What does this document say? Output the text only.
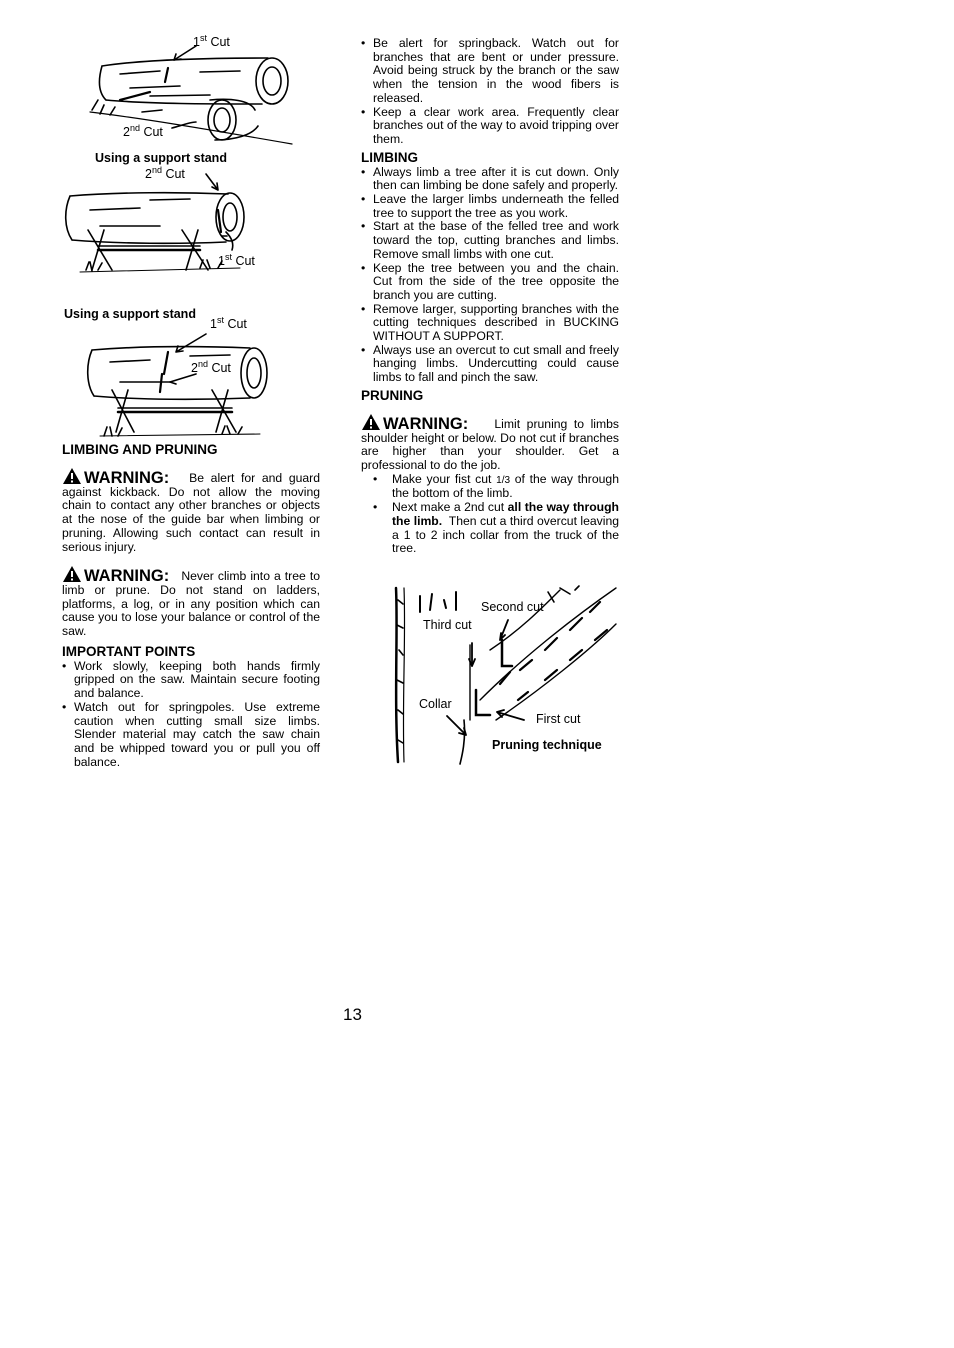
1st Cut
2nd Cut
Using a support stand
2nd Cut
1st Cut
Using a support stand
1st Cut
2nd Cut
LIMBING AND PRUNING
WARNING: Be alert for and guard against kickback. Do not allow the moving chain to contact any other branches or objects at the nose of the guide bar when limbing or pruning. Allowing such contact can result in serious injury.
WARNING: Never climb into a tree to limb or prune. Do not stand on ladders, platforms, a log, or in any position which can cause you to lose your balance or control of the saw.
IMPORTANT POINTS
• Work slowly, keeping both hands firmly gripped on the saw. Maintain secure footing and balance.
• Watch out for springpoles. Use extreme caution when cutting small size limbs. Slender material may catch the saw chain and be whipped toward you or pull you off balance.
• Be alert for springback. Watch out for branches that are bent or under pressure. Avoid being struck by the branch or the saw when the tension in the wood fibers is released.
• Keep a clear work area. Frequently clear branches out of the way to avoid tripping over them.
LIMBING
• Always limb a tree after it is cut down. Only then can limbing be done safely and properly.
• Leave the larger limbs underneath the felled tree to support the tree as you work.
• Start at the base of the felled tree and work toward the top, cutting branches and limbs. Remove small limbs with one cut.
• Keep the tree between you and the chain. Cut from the side of the tree opposite the branch you are cutting.
• Remove larger, supporting branches with the cutting techniques described in BUCKING WITHOUT A SUPPORT.
• Always use an overcut to cut small and freely hanging limbs. Undercutting could cause limbs to fall and pinch the saw.
PRUNING
WARNING: Limit pruning to limbs shoulder height or below. Do not cut if branches are higher than your shoulder. Get a professional to do the job.
• Make your fist cut 1/3 of the way through the bottom of the limb.
• Next make a 2nd cut all the way through the limb. Then cut a third overcut leaving a 1 to 2 inch collar from the truck of the tree.
Second cut
Third cut
Collar
First cut
Pruning technique
13
